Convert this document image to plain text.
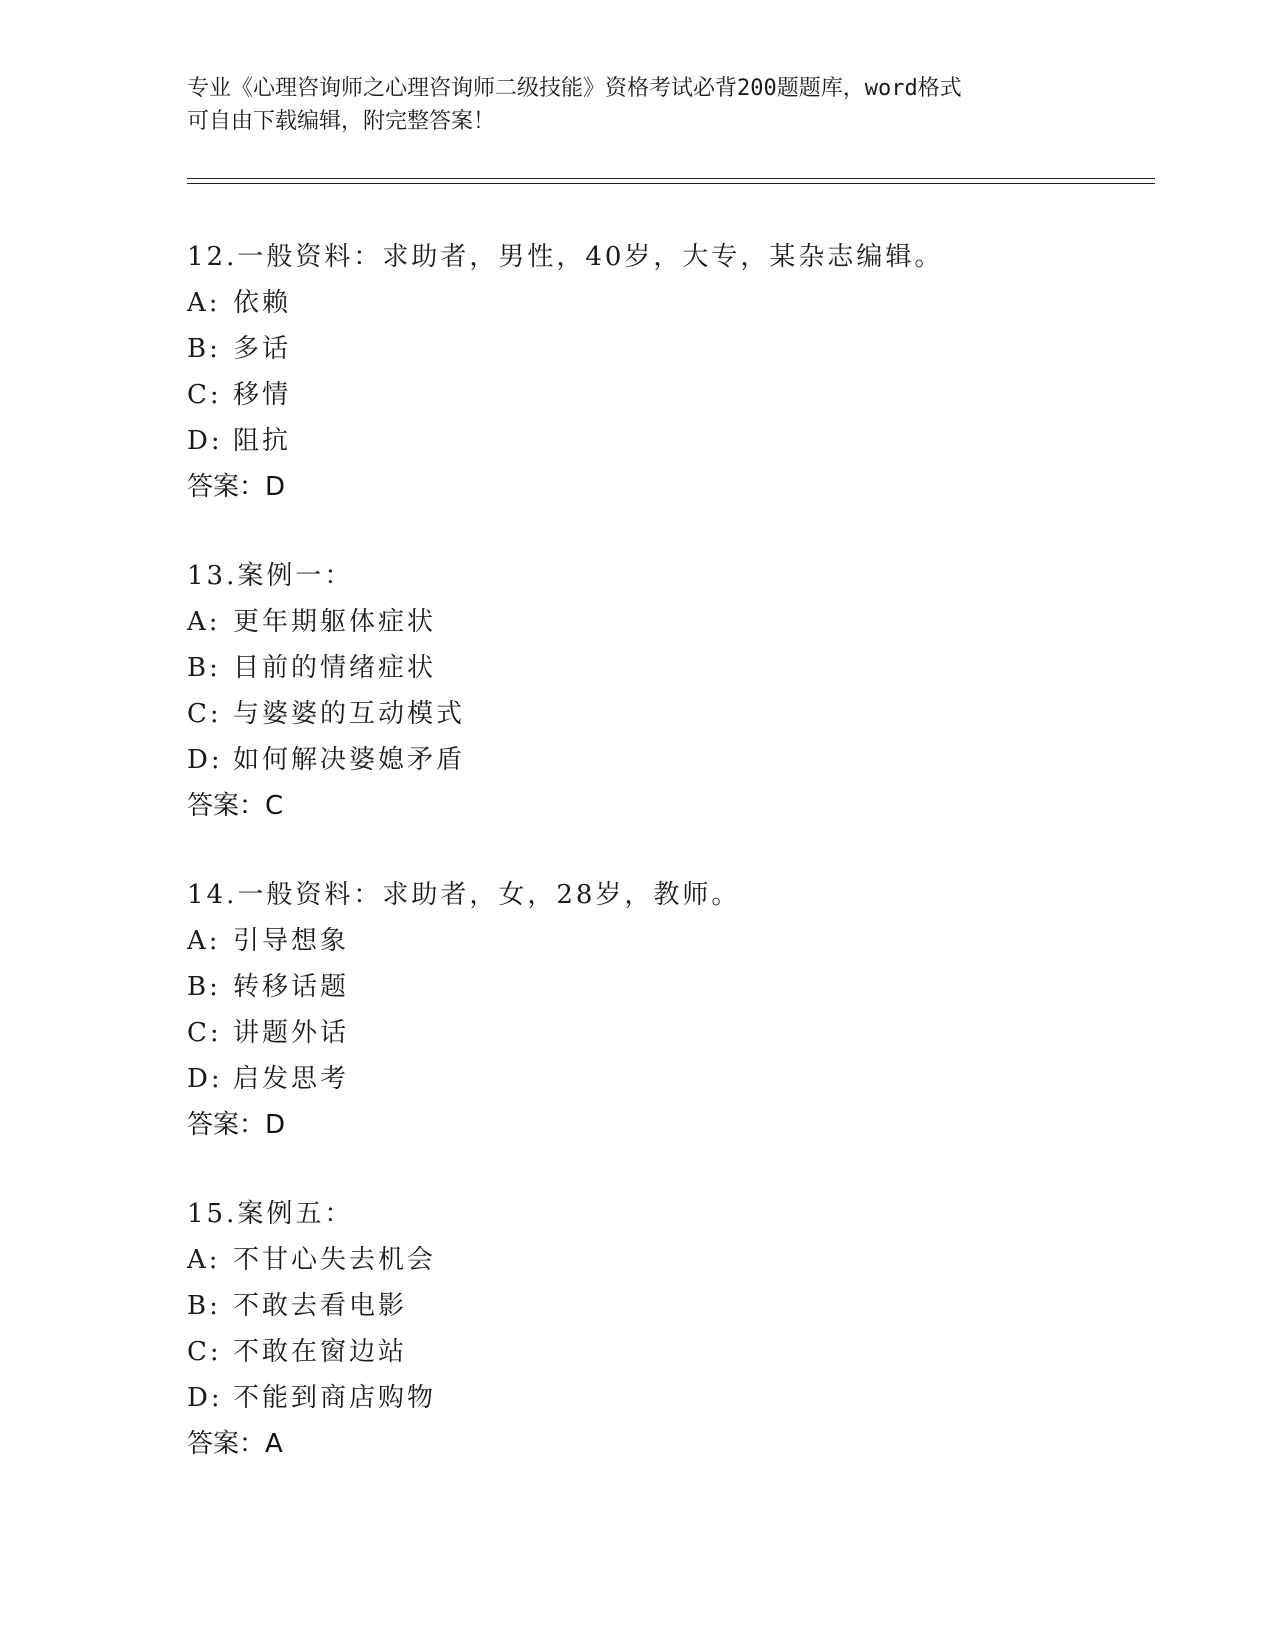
专业《心理咨询师之心理咨询师二级技能》资格考试必背200题题库，word格式
可自由下载编辑，附完整答案！
12.一般资料：求助者，男性，40岁，大专，某杂志编辑。
A: 依赖
B: 多话
C: 移情
D: 阻抗
答案：D
13.案例一：
A: 更年期躯体症状
B: 目前的情绪症状
C: 与婆婆的互动模式
D: 如何解决婆媳矛盾
答案：C
14.一般资料：求助者，女，28岁，教师。
A: 引导想象
B: 转移话题
C: 讲题外话
D: 启发思考
答案：D
15.案例五：
A: 不甘心失去机会
B: 不敢去看电影
C: 不敢在窗边站
D: 不能到商店购物
答案：A
